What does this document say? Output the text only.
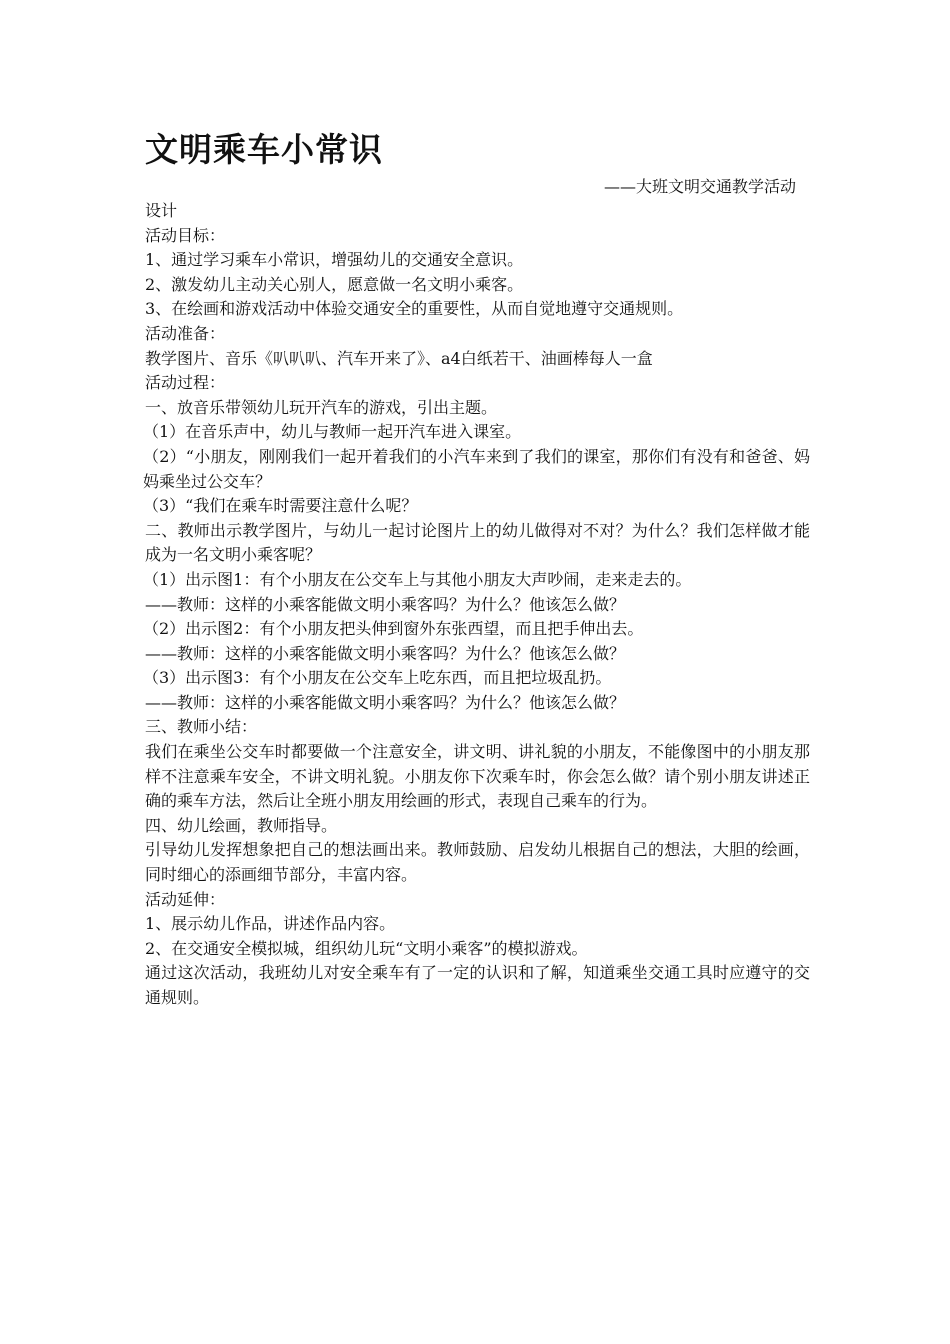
文明乘车小常识
——大班文明交通教学活动

设计

活动目标：

1、通过学习乘车小常识，增强幼儿的交通安全意识。

2、激发幼儿主动关心别人，愿意做一名文明小乘客。

3、在绘画和游戏活动中体验交通安全的重要性，从而自觉地遵守交通规则。

活动准备：

教学图片、音乐《叭叭叭、汽车开来了》、a4白纸若干、油画棒每人一盒

活动过程：

一、放音乐带领幼儿玩开汽车的游戏，引出主题。

（1）在音乐声中，幼儿与教师一起开汽车进入课室。

（2）“小朋友，刚刚我们一起开着我们的小汽车来到了我们的课室，那你们有没有和爸爸、妈妈乘坐过公交车？

（3）“我们在乘车时需要注意什么呢？

二、教师出示教学图片，与幼儿一起讨论图片上的幼儿做得对不对？为什么？我们怎样做才能成为一名文明小乘客呢？

（1）出示图1：有个小朋友在公交车上与其他小朋友大声吵闹，走来走去的。

——教师：这样的小乘客能做文明小乘客吗？为什么？他该怎么做？

（2）出示图2：有个小朋友把头伸到窗外东张西望，而且把手伸出去。

——教师：这样的小乘客能做文明小乘客吗？为什么？他该怎么做？

（3）出示图3：有个小朋友在公交车上吃东西，而且把垃圾乱扔。

——教师：这样的小乘客能做文明小乘客吗？为什么？他该怎么做？

三、教师小结：

我们在乘坐公交车时都要做一个注意安全，讲文明、讲礼貌的小朋友，不能像图中的小朋友那样不注意乘车安全，不讲文明礼貌。小朋友你下次乘车时，你会怎么做？请个别小朋友讲述正确的乘车方法，然后让全班小朋友用绘画的形式，表现自己乘车的行为。

四、幼儿绘画，教师指导。

引导幼儿发挥想象把自己的想法画出来。教师鼓励、启发幼儿根据自己的想法，大胆的绘画，同时细心的添画细节部分，丰富内容。

活动延伸：

1、展示幼儿作品，讲述作品内容。

2、在交通安全模拟城，组织幼儿玩“文明小乘客”的模拟游戏。

通过这次活动，我班幼儿对安全乘车有了一定的认识和了解，知道乘坐交通工具时应遵守的交通规则。
